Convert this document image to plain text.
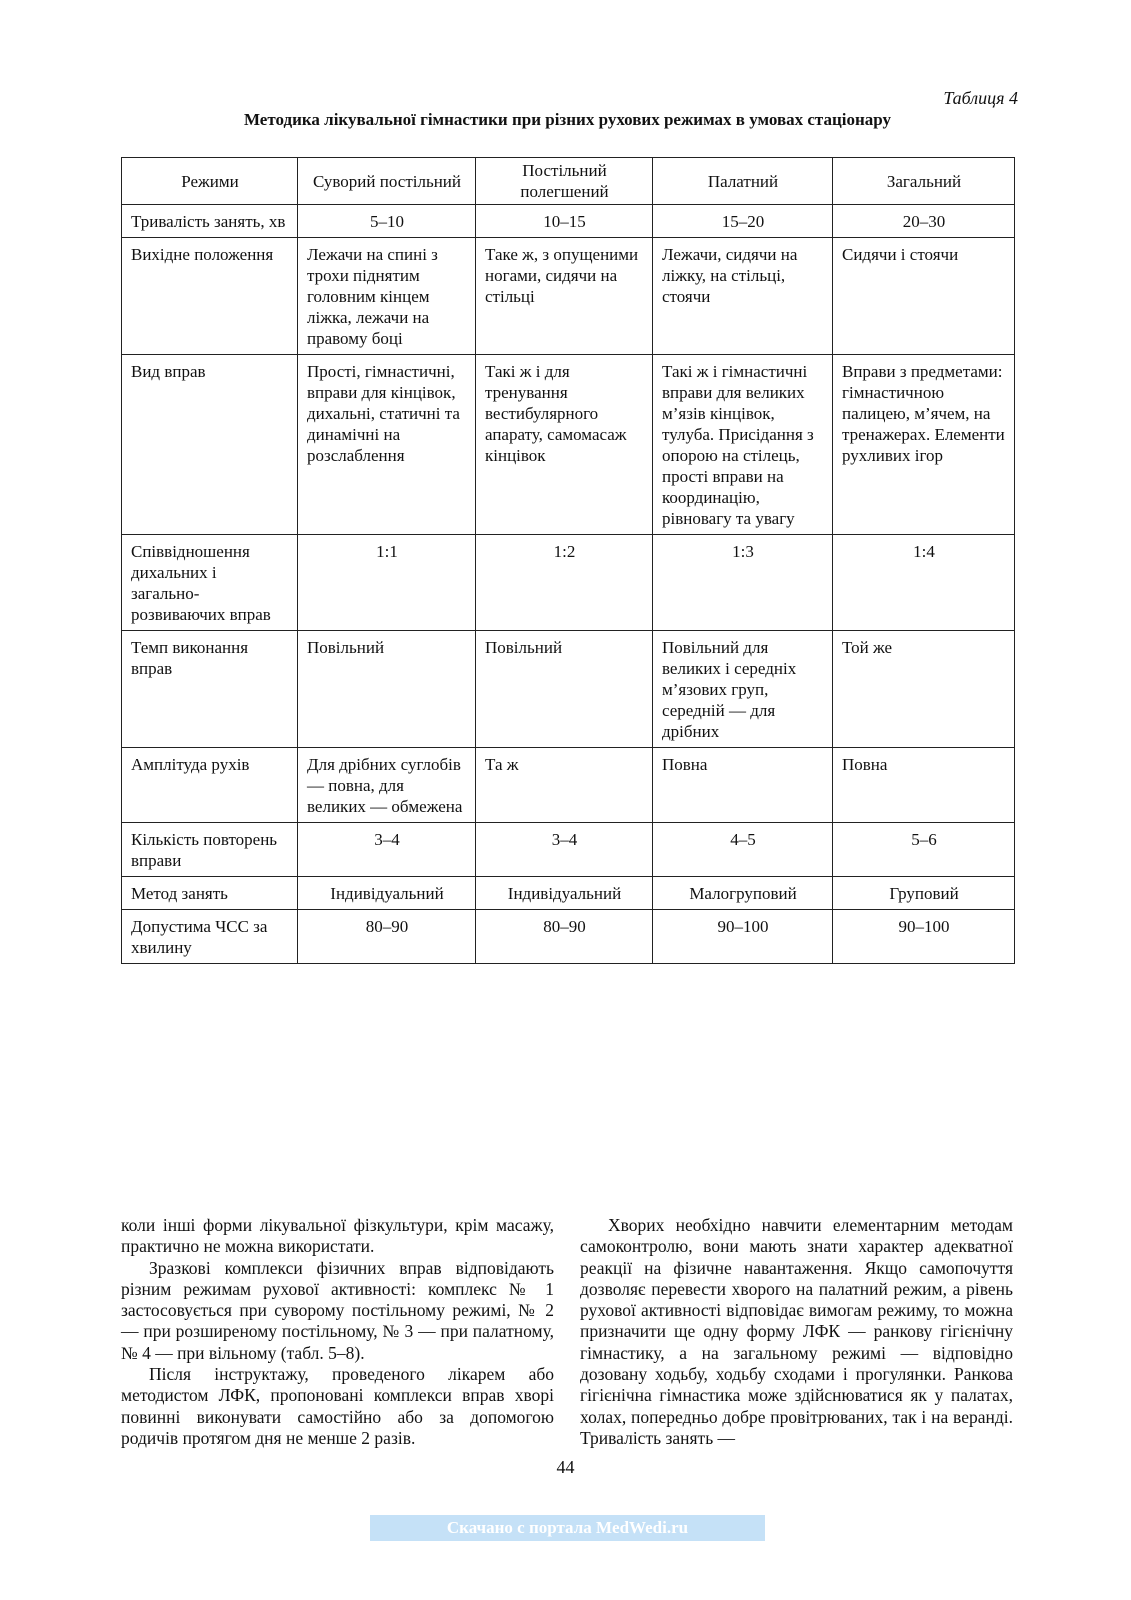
Таблиця 4
Методика лікувальної гімнастики при різних рухових режимах в умовах стаціонару
Режими	Суворий постільний	Постільний полегшений	Палатний	Загальний
Тривалість занять, хв	5–10	10–15	15–20	20–30
Вихідне положення	Лежачи на спині з трохи піднятим головним кінцем ліжка, лежачи на правому боці	Таке ж, з опущеними ногами, сидячи на стільці	Лежачи, сидячи на ліжку, на стільці, стоячи	Сидячи і стоячи
Вид вправ	Прості, гімнастичні, вправи для кінцівок, дихальні, статичні та динамічні на розслаблення	Такі ж і для тренування вестибулярного апарату, самомасаж кінцівок	Такі ж і гімнастичні вправи для великих м’язів кінцівок, тулуба. Присідання з опорою на стілець, прості вправи на координацію, рівновагу та увагу	Вправи з предметами: гімнастичною палицею, м’ячем, на тренажерах. Елементи рухливих ігор
Співвідношення дихальних і загально-розвиваючих вправ	1:1	1:2	1:3	1:4
Темп виконання вправ	Повільний	Повільний	Повільний для великих і середніх м’язових груп, середній — для дрібних	Той же
Амплітуда рухів	Для дрібних суглобів — повна, для великих — обмежена	Та ж	Повна	Повна
Кількість повторень вправи	3–4	3–4	4–5	5–6
Метод занять	Індивідуальний	Індивідуальний	Малогруповий	Груповий
Допустима ЧСС за хвилину	80–90	80–90	90–100	90–100

коли інші форми лікувальної фізкультури, крім масажу, практично не можна використати.

Зразкові комплекси фізичних вправ відповідають різним режимам рухової активності: комплекс № 1 застосовується при суворому постільному режимі, № 2 — при розширеному постільному, № 3 — при палатному, № 4 — при вільному (табл. 5–8).

Після інструктажу, проведеного лікарем або методистом ЛФК, пропоновані комплекси вправ хворі повинні виконувати самостійно або за допомогою родичів протягом дня не менше 2 разів.

Хворих необхідно навчити елементарним методам самоконтролю, вони мають знати характер адекватної реакції на фізичне навантаження. Якщо самопочуття дозволяє перевести хворого на палатний режим, а рівень рухової активності відповідає вимогам режиму, то можна призначити ще одну форму ЛФК — ранкову гігієнічну гімнастику, а на загальному режимі — відповідно дозовану ходьбу, ходьбу сходами і прогулянки. Ранкова гігієнічна гімнастика може здійснюватися як у палатах, холах, попередньо добре провітрюваних, так і на веранді. Тривалість занять —

44
Скачано с портала MedWedi.ru
